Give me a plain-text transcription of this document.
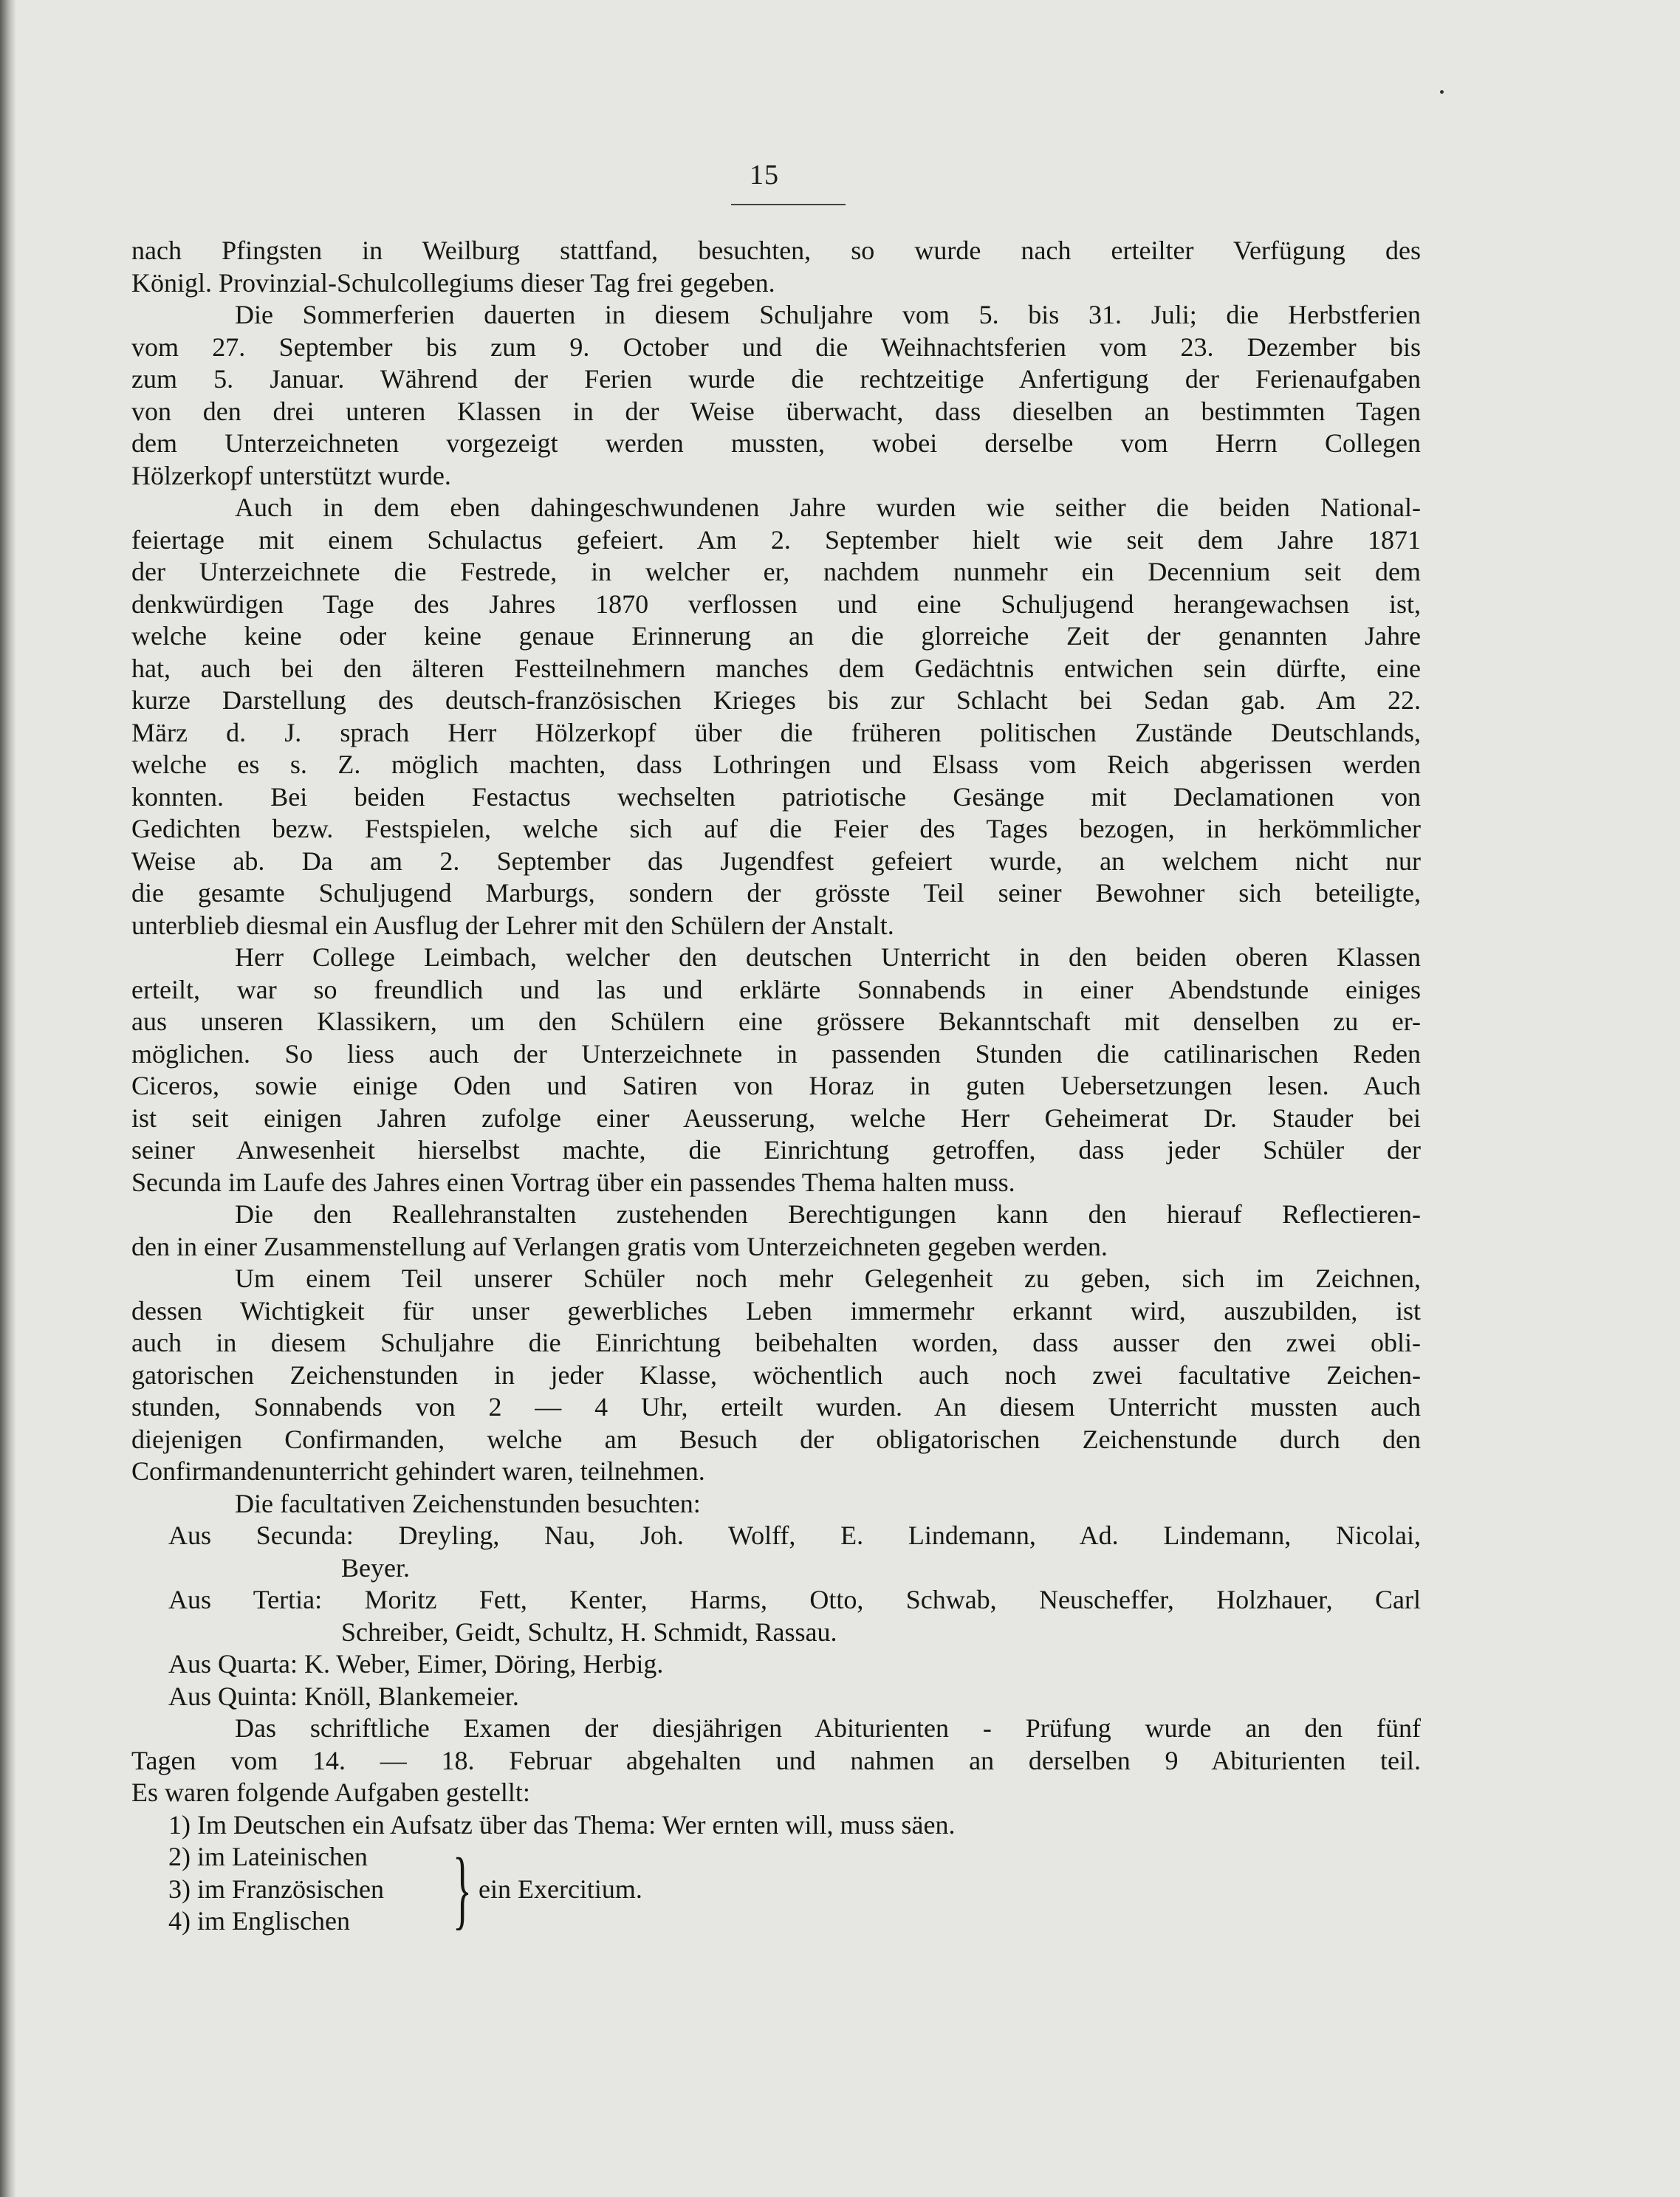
15
nach Pfingsten in Weilburg stattfand, besuchten, so wurde nach erteilter Verfügung des
Königl. Provinzial-Schulcollegiums dieser Tag frei gegeben.
Die Sommerferien dauerten in diesem Schuljahre vom 5. bis 31. Juli; die Herbstferien
vom 27. September bis zum 9. October und die Weihnachtsferien vom 23. Dezember bis
zum 5. Januar. Während der Ferien wurde die rechtzeitige Anfertigung der Ferienaufgaben
von den drei unteren Klassen in der Weise überwacht, dass dieselben an bestimmten Tagen
dem Unterzeichneten vorgezeigt werden mussten, wobei derselbe vom Herrn Collegen
Hölzerkopf unterstützt wurde.
Auch in dem eben dahingeschwundenen Jahre wurden wie seither die beiden National-
feiertage mit einem Schulactus gefeiert. Am 2. September hielt wie seit dem Jahre 1871
der Unterzeichnete die Festrede, in welcher er, nachdem nunmehr ein Decennium seit dem
denkwürdigen Tage des Jahres 1870 verflossen und eine Schuljugend herangewachsen ist,
welche keine oder keine genaue Erinnerung an die glorreiche Zeit der genannten Jahre
hat, auch bei den älteren Festteilnehmern manches dem Gedächtnis entwichen sein dürfte, eine
kurze Darstellung des deutsch-französischen Krieges bis zur Schlacht bei Sedan gab. Am 22.
März d. J. sprach Herr Hölzerkopf über die früheren politischen Zustände Deutschlands,
welche es s. Z. möglich machten, dass Lothringen und Elsass vom Reich abgerissen werden
konnten. Bei beiden Festactus wechselten patriotische Gesänge mit Declamationen von
Gedichten bezw. Festspielen, welche sich auf die Feier des Tages bezogen, in herkömmlicher
Weise ab. Da am 2. September das Jugendfest gefeiert wurde, an welchem nicht nur
die gesamte Schuljugend Marburgs, sondern der grösste Teil seiner Bewohner sich beteiligte,
unterblieb diesmal ein Ausflug der Lehrer mit den Schülern der Anstalt.
Herr College Leimbach, welcher den deutschen Unterricht in den beiden oberen Klassen
erteilt, war so freundlich und las und erklärte Sonnabends in einer Abendstunde einiges
aus unseren Klassikern, um den Schülern eine grössere Bekanntschaft mit denselben zu er-
möglichen. So liess auch der Unterzeichnete in passenden Stunden die catilinarischen Reden
Ciceros, sowie einige Oden und Satiren von Horaz in guten Uebersetzungen lesen. Auch
ist seit einigen Jahren zufolge einer Aeusserung, welche Herr Geheimerat Dr. Stauder bei
seiner Anwesenheit hierselbst machte, die Einrichtung getroffen, dass jeder Schüler der
Secunda im Laufe des Jahres einen Vortrag über ein passendes Thema halten muss.
Die den Reallehranstalten zustehenden Berechtigungen kann den hierauf Reflectieren-
den in einer Zusammenstellung auf Verlangen gratis vom Unterzeichneten gegeben werden.
Um einem Teil unserer Schüler noch mehr Gelegenheit zu geben, sich im Zeichnen,
dessen Wichtigkeit für unser gewerbliches Leben immermehr erkannt wird, auszubilden, ist
auch in diesem Schuljahre die Einrichtung beibehalten worden, dass ausser den zwei obli-
gatorischen Zeichenstunden in jeder Klasse, wöchentlich auch noch zwei facultative Zeichen-
stunden, Sonnabends von 2 — 4 Uhr, erteilt wurden. An diesem Unterricht mussten auch
diejenigen Confirmanden, welche am Besuch der obligatorischen Zeichenstunde durch den
Confirmandenunterricht gehindert waren, teilnehmen.
Die facultativen Zeichenstunden besuchten:
Aus Secunda: Dreyling, Nau, Joh. Wolff, E. Lindemann, Ad. Lindemann, Nicolai,
Beyer.
Aus Tertia: Moritz Fett, Kenter, Harms, Otto, Schwab, Neuscheffer, Holzhauer, Carl
Schreiber, Geidt, Schultz, H. Schmidt, Rassau.
Aus Quarta: K. Weber, Eimer, Döring, Herbig.
Aus Quinta: Knöll, Blankemeier.
Das schriftliche Examen der diesjährigen Abiturienten - Prüfung wurde an den fünf
Tagen vom 14. — 18. Februar abgehalten und nahmen an derselben 9 Abiturienten teil.
Es waren folgende Aufgaben gestellt:
1) Im Deutschen ein Aufsatz über das Thema: Wer ernten will, muss säen.
2) im Lateinischen
3) im Französischen
4) im Englischen	} ein Exercitium.
